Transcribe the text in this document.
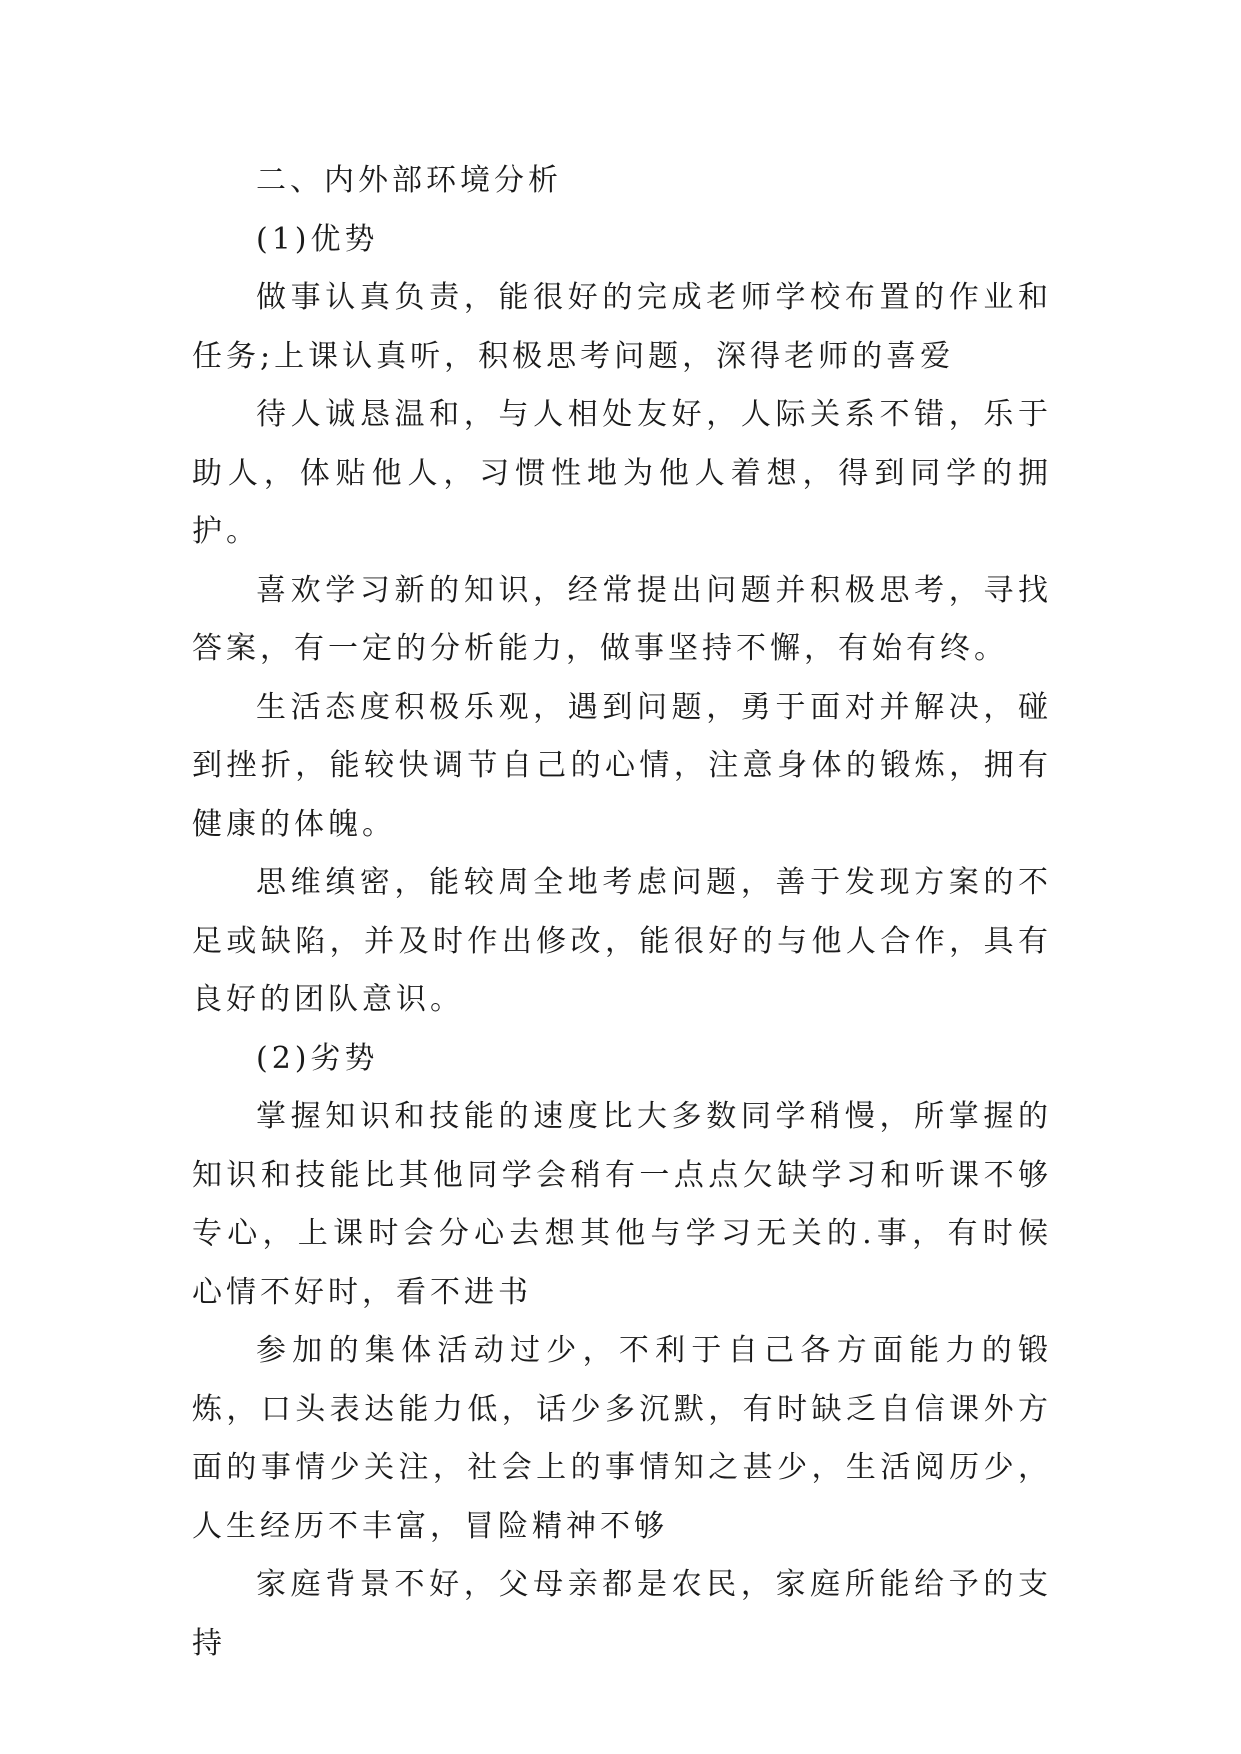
二、内外部环境分析

(1)优势

做事认真负责，能很好的完成老师学校布置的作业和任务;上课认真听，积极思考问题，深得老师的喜爱

待人诚恳温和，与人相处友好，人际关系不错，乐于助人，体贴他人，习惯性地为他人着想，得到同学的拥护。

喜欢学习新的知识，经常提出问题并积极思考，寻找答案，有一定的分析能力，做事坚持不懈，有始有终。

生活态度积极乐观，遇到问题，勇于面对并解决，碰到挫折，能较快调节自己的心情，注意身体的锻炼，拥有健康的体魄。

思维缜密，能较周全地考虑问题，善于发现方案的不足或缺陷，并及时作出修改，能很好的与他人合作，具有良好的团队意识。

(2)劣势

掌握知识和技能的速度比大多数同学稍慢，所掌握的知识和技能比其他同学会稍有一点点欠缺学习和听课不够专心，上课时会分心去想其他与学习无关的.事，有时候心情不好时，看不进书

参加的集体活动过少，不利于自己各方面能力的锻炼，口头表达能力低，话少多沉默，有时缺乏自信课外方面的事情少关注，社会上的事情知之甚少，生活阅历少，人生经历不丰富，冒险精神不够

家庭背景不好，父母亲都是农民，家庭所能给予的支持
